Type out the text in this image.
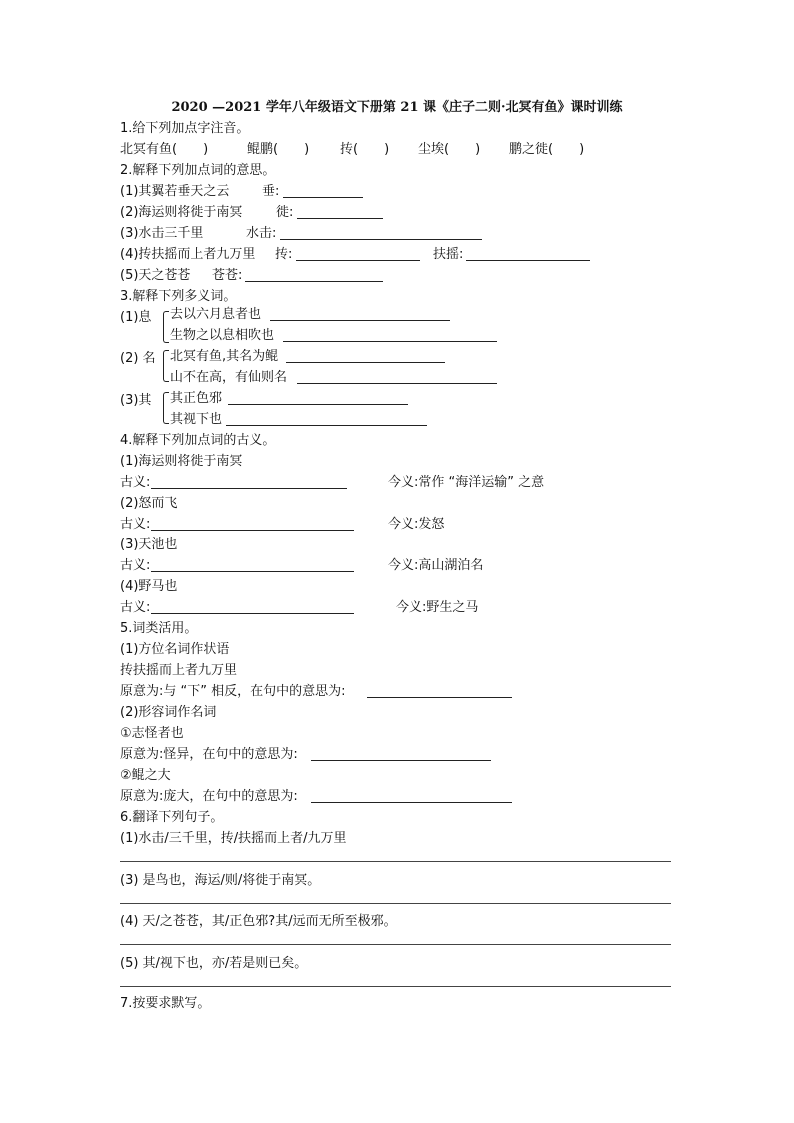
2020 —2021 学年八年级语文下册第 21 课《庄子二则·北冥有鱼》课时训练
1.给下列加点字注音。
北冥有鱼(　　)	鲲鹏(　　) 抟(　　) 尘埃(　　) 鹏之徙(　　)
2.解释下列加点词的意思。
(1)其翼若垂天之云	垂:
(2)海运则将徙于南冥	徙:
(3)水击三千里	水击:
(4)抟扶摇而上者九万里 抟:	扶摇:
(5)天之苍苍 苍苍:
3.解释下列多义词。
(1)息 去以六月息者也
生物之以息相吹也
(2) 名 北冥有鱼,其名为鲲
山不在高，有仙则名
(3)其 其正色邪
其视下也
4.解释下列加点词的古义。
(1)海运则将徙于南冥
古义:	今义:常作 “海洋运输” 之意
(2)怒而飞
古义:	今义:发怒
(3)天池也
古义:	今义:高山湖泊名
(4)野马也
古义:	今义:野生之马
5.词类活用。
(1)方位名词作状语
抟扶摇而上者九万里
原意为:与 “下” 相反，在句中的意思为:
(2)形容词作名词
①志怪者也
原意为:怪异，在句中的意思为:
②鲲之大
原意为:庞大，在句中的意思为:
6.翻译下列句子。
(1)水击/三千里，抟/扶摇而上者/九万里
(3) 是鸟也，海运/则/将徙于南冥。
(4) 天/之苍苍，其/正色邪?其/远而无所至极邪。
(5) 其/视下也，亦/若是则已矣。
7.按要求默写。
